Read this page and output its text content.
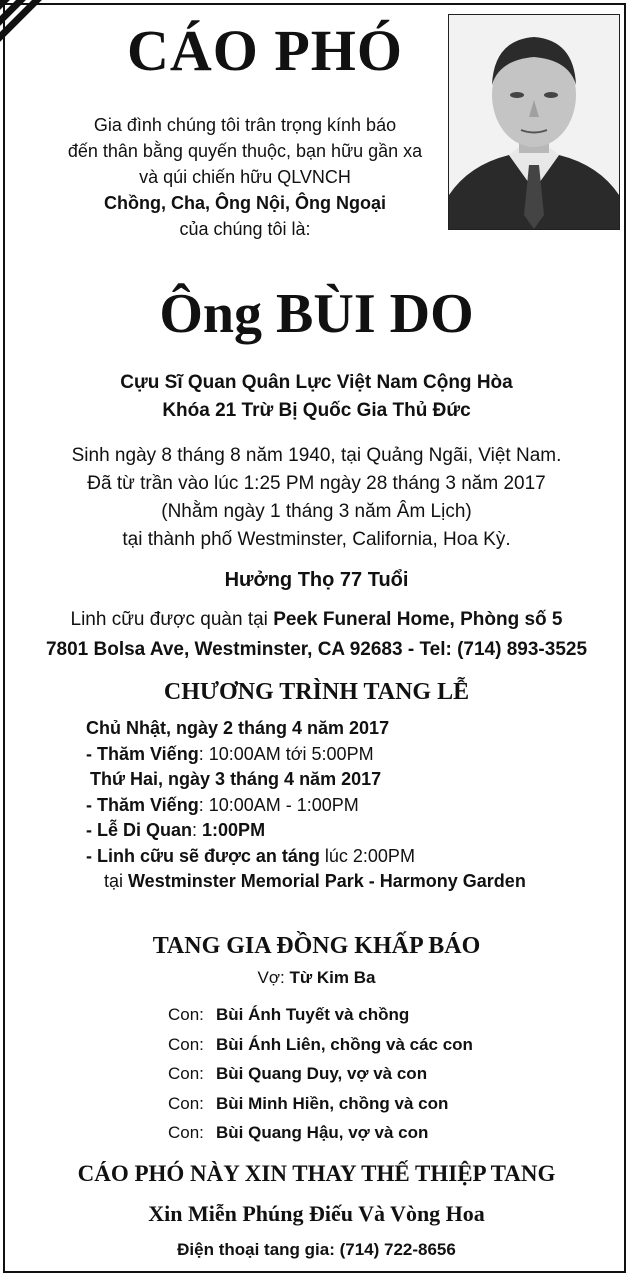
CÁO PHÓ
Gia đình chúng tôi trân trọng kính báo
đến thân bằng quyến thuộc, bạn hữu gần xa
và qúi chiến hữu QLVNCH
Chồng, Cha, Ông Nội, Ông Ngoại
của chúng tôi là:
Ông BÙI DO
Cựu Sĩ Quan Quân Lực Việt Nam Cộng Hòa
Khóa 21 Trừ Bị Quốc Gia Thủ Đức
Sinh ngày 8 tháng 8 năm 1940, tại Quảng Ngãi, Việt Nam.
Đã từ trần vào lúc 1:25 PM ngày 28 tháng 3 năm 2017
(Nhằm ngày 1 tháng 3 năm Âm Lịch)
tại thành phố Westminster, California, Hoa Kỳ.
Hưởng Thọ 77 Tuổi
Linh cữu được quàn tại Peek Funeral Home, Phòng số 5
7801 Bolsa Ave, Westminster, CA 92683 - Tel: (714) 893-3525
CHƯƠNG TRÌNH TANG LỄ
Chủ Nhật, ngày 2 tháng 4 năm 2017
- Thăm Viếng: 10:00AM tới 5:00PM
Thứ Hai, ngày 3 tháng 4 năm 2017
- Thăm Viếng: 10:00AM - 1:00PM
- Lễ Di Quan: 1:00PM
- Linh cữu sẽ được an táng lúc 2:00PM
tại Westminster Memorial Park - Harmony Garden
TANG GIA ĐỒNG KHẤP BÁO
Vợ: Từ Kim Ba
Con: Bùi Ánh Tuyết và chồng
Con: Bùi Ánh Liên, chồng và các con
Con: Bùi Quang Duy, vợ và con
Con: Bùi Minh Hiền, chồng và con
Con: Bùi Quang Hậu, vợ và con
CÁO PHÓ NÀY XIN THAY THẾ THIỆP TANG
Xin Miễn Phúng Điếu Và Vòng Hoa
Điện thoại tang gia: (714) 722-8656
